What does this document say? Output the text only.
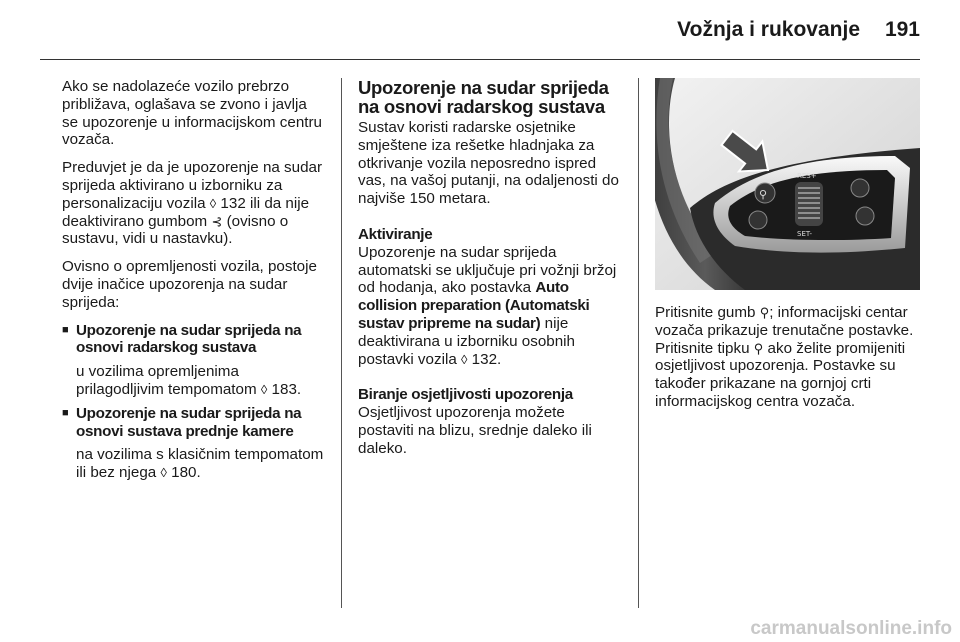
Vožnja i rukovanje 191

Ako se nadolazeće vozilo prebrzo približava, oglašava se zvono i javlja se upozorenje u informacijskom centru vozača.

Preduvjet je da je upozorenje na sudar sprijeda aktivirano u izborniku za personalizaciju vozila ◊ 132 ili da nije deaktivirano gumbom ⊰ (ovisno o sustavu, vidi u nastavku).

Ovisno o opremljenosti vozila, postoje dvije inačice upozorenja na sudar sprijeda:

■ Upozorenje na sudar sprijeda na osnovi radarskog sustava
u vozilima opremljenima prilagodljivim tempomatom ◊ 183.
■ Upozorenje na sudar sprijeda na osnovi sustava prednje kamere
na vozilima s klasičnim tempomatom ili bez njega ◊ 180.
Upozorenje na sudar sprijeda na osnovi radarskog sustava

Sustav koristi radarske osjetnike smještene iza rešetke hladnjaka za otkrivanje vozila neposredno ispred vas, na vašoj putanji, na odaljenosti do najviše 150 metara.

Aktiviranje

Upozorenje na sudar sprijeda automatski se uključuje pri vožnji bržoj od hodanja, ako postavka Auto collision preparation (Automatski sustav pripreme na sudar) nije deaktivirana u izborniku osobnih postavki vozila ◊ 132.

Biranje osjetljivosti upozorenja

Osjetljivost upozorenja možete postaviti na blizu, srednje daleko ili daleko.

⚲
RES+
SET-

Pritisnite gumb ⚲; informacijski centar vozača prikazuje trenutačne postavke. Pritisnite tipku ⚲ ako želite promijeniti osjetljivost upozorenja. Postavke su također prikazane na gornjoj crti informacijskog centra vozača.

carmanualsonline.info
